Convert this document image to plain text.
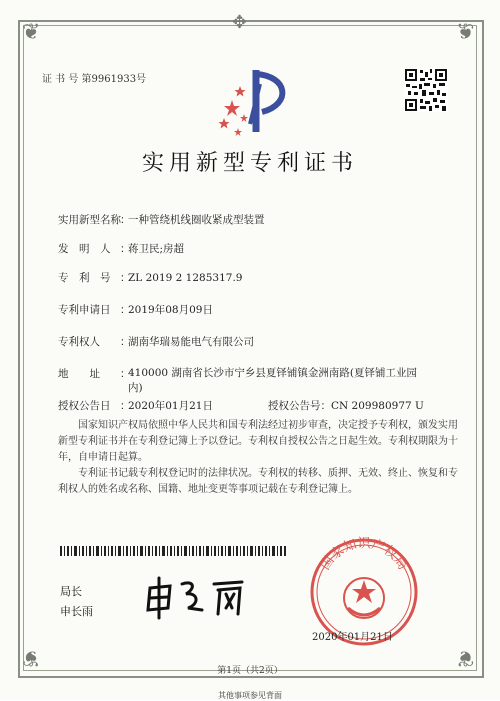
❦	❦
❦	❦
✥
证 书 号 第9961933号
实用新型专利证书
实用新型名称：一种管绕机线圈收紧成型装置
发　明　人 ：蒋卫民;房超
专　利　号 ：ZL 2019 2 1285317.9
专利申请日 ：2019年08月09日
专利权人 ：湖南华瑞易能电气有限公司
地　　址 ：
410000 湖南省长沙市宁乡县夏铎铺镇金洲南路(夏铎铺工业园内)
授权公告日 ：2020年01月21日	授权公告号：CN 209980977 U
国家知识产权局依照中华人民共和国专利法经过初步审查，决定授予专利权，颁发实用新型专利证书并在专利登记簿上予以登记。专利权自授权公告之日起生效。专利权期限为十年，自申请日起算。
专利证书记载专利权登记时的法律状况。专利权的转移、质押、无效、终止、恢复和专利权人的姓名或名称、国籍、地址变更等事项记载在专利登记簿上。
局长
申长雨
国家知识产权局
2020年01月21日
第1页（共2页）
其他事项参见背面
